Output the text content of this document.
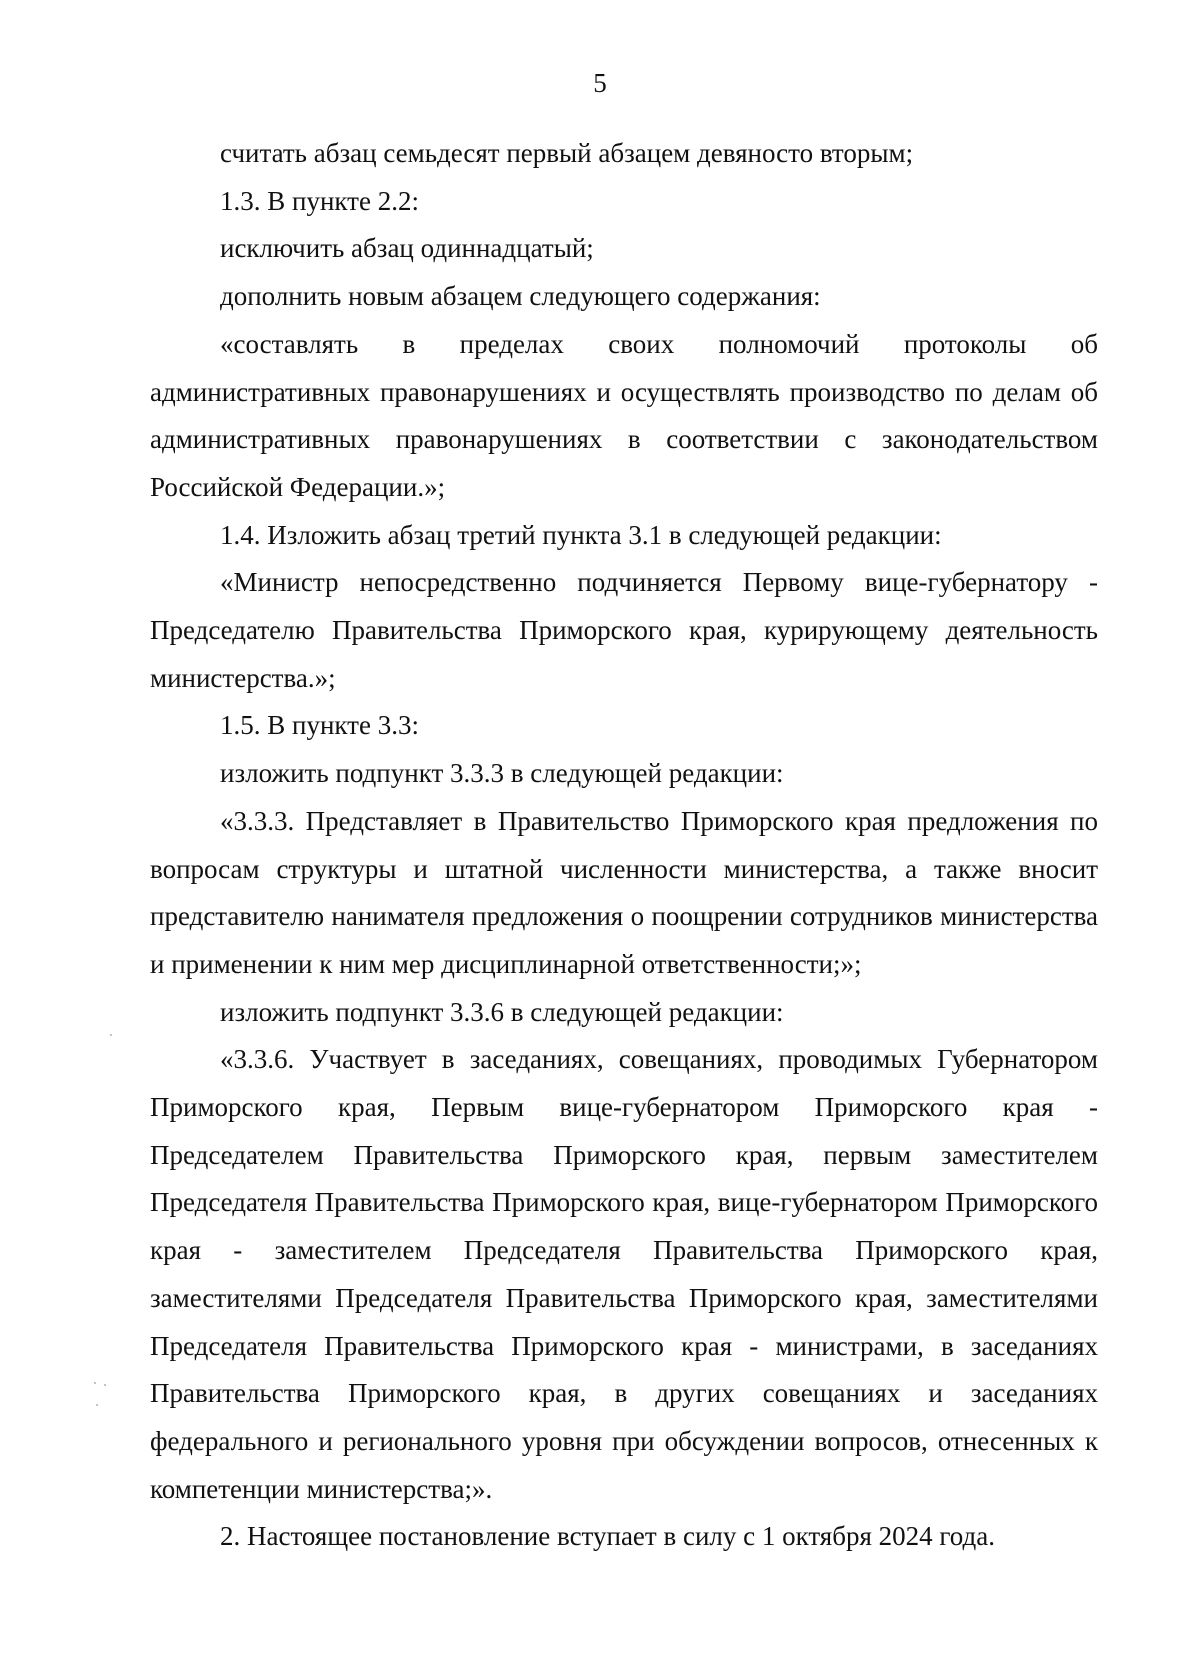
5

считать абзац семьдесят первый абзацем девяносто вторым;

1.3. В пункте 2.2:

исключить абзац одиннадцатый;

дополнить новым абзацем следующего содержания:

«составлять в пределах своих полномочий протоколы об административных правонарушениях и осуществлять производство по делам об административных правонарушениях в соответствии с законодательством Российской Федерации.»;

1.4. Изложить абзац третий пункта 3.1 в следующей редакции:

«Министр непосредственно подчиняется Первому вице-губернатору - Председателю Правительства Приморского края, курирующему деятельность министерства.»;

1.5. В пункте 3.3:

изложить подпункт 3.3.3 в следующей редакции:

«3.3.3. Представляет в Правительство Приморского края предложения по вопросам структуры и штатной численности министерства, а также вносит представителю нанимателя предложения о поощрении сотрудников министерства и применении к ним мер дисциплинарной ответственности;»;

изложить подпункт 3.3.6 в следующей редакции:

«3.3.6. Участвует в заседаниях, совещаниях, проводимых Губернатором Приморского края, Первым вице-губернатором Приморского края - Председателем Правительства Приморского края, первым заместителем Председателя Правительства Приморского края, вице-губернатором Приморского края - заместителем Председателя Правительства Приморского края, заместителями Председателя Правительства Приморского края, заместителями Председателя Правительства Приморского края - министрами, в заседаниях Правительства Приморского края, в других совещаниях и заседаниях федерального и регионального уровня при обсуждении вопросов, отнесенных к компетенции министерства;».

2. Настоящее постановление вступает в силу с 1 октября 2024 года.
